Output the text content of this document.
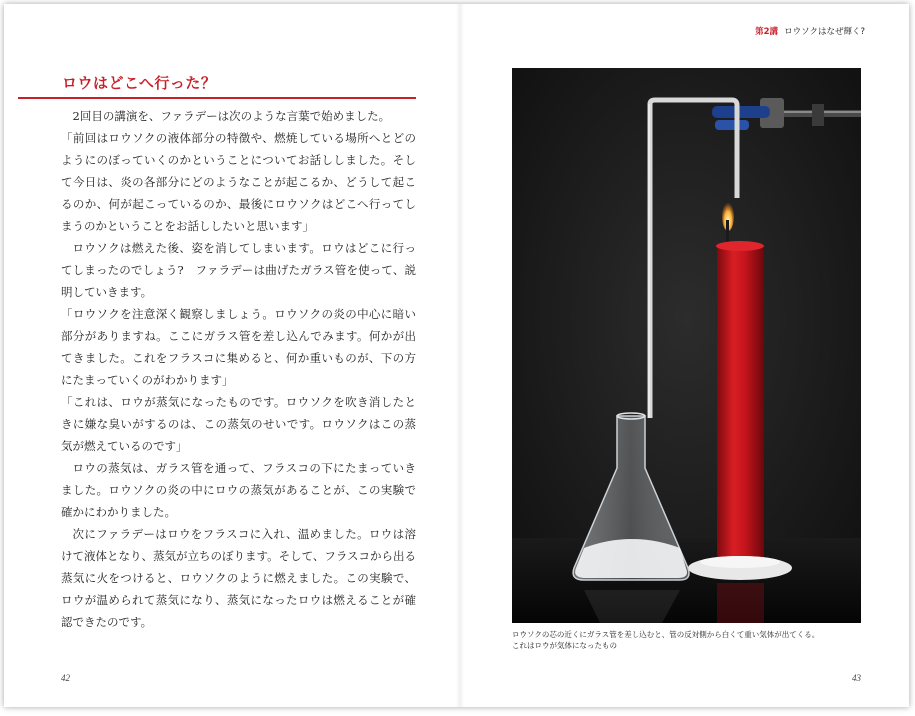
第2講 ロウソクはなぜ輝く?
ロウはどこへ行った？

2回目の講演を、ファラデーは次のような言葉で始めました。

「前回はロウソクの液体部分の特徴や、燃焼している場所へとどのようにのぼっていくのかということについてお話ししました。そして今日は、炎の各部分にどのようなことが起こるか、どうして起こるのか、何が起こっているのか、最後にロウソクはどこへ行ってしまうのかということをお話ししたいと思います」

ロウソクは燃えた後、姿を消してしまいます。ロウはどこに行ってしまったのでしょう?　ファラデーは曲げたガラス管を使って、説明していきます。

「ロウソクを注意深く観察しましょう。ロウソクの炎の中心に暗い部分がありますね。ここにガラス管を差し込んでみます。何かが出てきました。これをフラスコに集めると、何か重いものが、下の方にたまっていくのがわかります」

「これは、ロウが蒸気になったものです。ロウソクを吹き消したときに嫌な臭いがするのは、この蒸気のせいです。ロウソクはこの蒸気が燃えているのです」

ロウの蒸気は、ガラス管を通って、フラスコの下にたまっていきました。ロウソクの炎の中にロウの蒸気があることが、この実験で確かにわかりました。

次にファラデーはロウをフラスコに入れ、温めました。ロウは溶けて液体となり、蒸気が立ちのぼります。そして、フラスコから出る蒸気に火をつけると、ロウソクのように燃えました。この実験で、ロウが温められて蒸気になり、蒸気になったロウは燃えることが確認できたのです。

ロウソクの芯の近くにガラス管を差し込むと、管の反対側から白くて重い気体が出てくる。
これはロウが気体になったもの
42	43
